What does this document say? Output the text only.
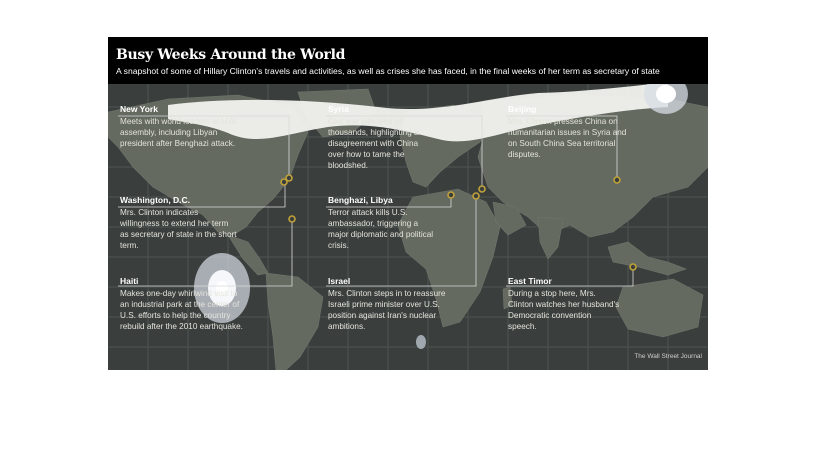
Busy Weeks Around the World
A snapshot of some of Hillary Clinton's travels and activities, as well as crises she has faced, in the final weeks of her term as secretary of state
New York
Meets with world leaders at U.N. assembly, including Libyan president after Benghazi attack.
Washington, D.C.
Mrs. Clinton indicates willingness to extend her term as secretary of state in the short term.
Haiti
Makes one-day whirlwind visit to an industrial park at the center of U.S. efforts to help the country rebuild after the 2010 earthquake.
Syria
Civil war kills tens of thousands, highlighting a disagreement with China over how to tame the bloodshed.
Benghazi, Libya
Terror attack kills U.S. ambassador, triggering a major diplomatic and political crisis.
Israel
Mrs. Clinton steps in to reassure Israeli prime minister over U.S. position against Iran's nuclear ambitions.
Beijing
Mrs. Clinton presses China on humanitarian issues in Syria and on South China Sea territorial disputes.
East Timor
During a stop here, Mrs. Clinton watches her husband's Democratic convention speech.
The Wall Street Journal
